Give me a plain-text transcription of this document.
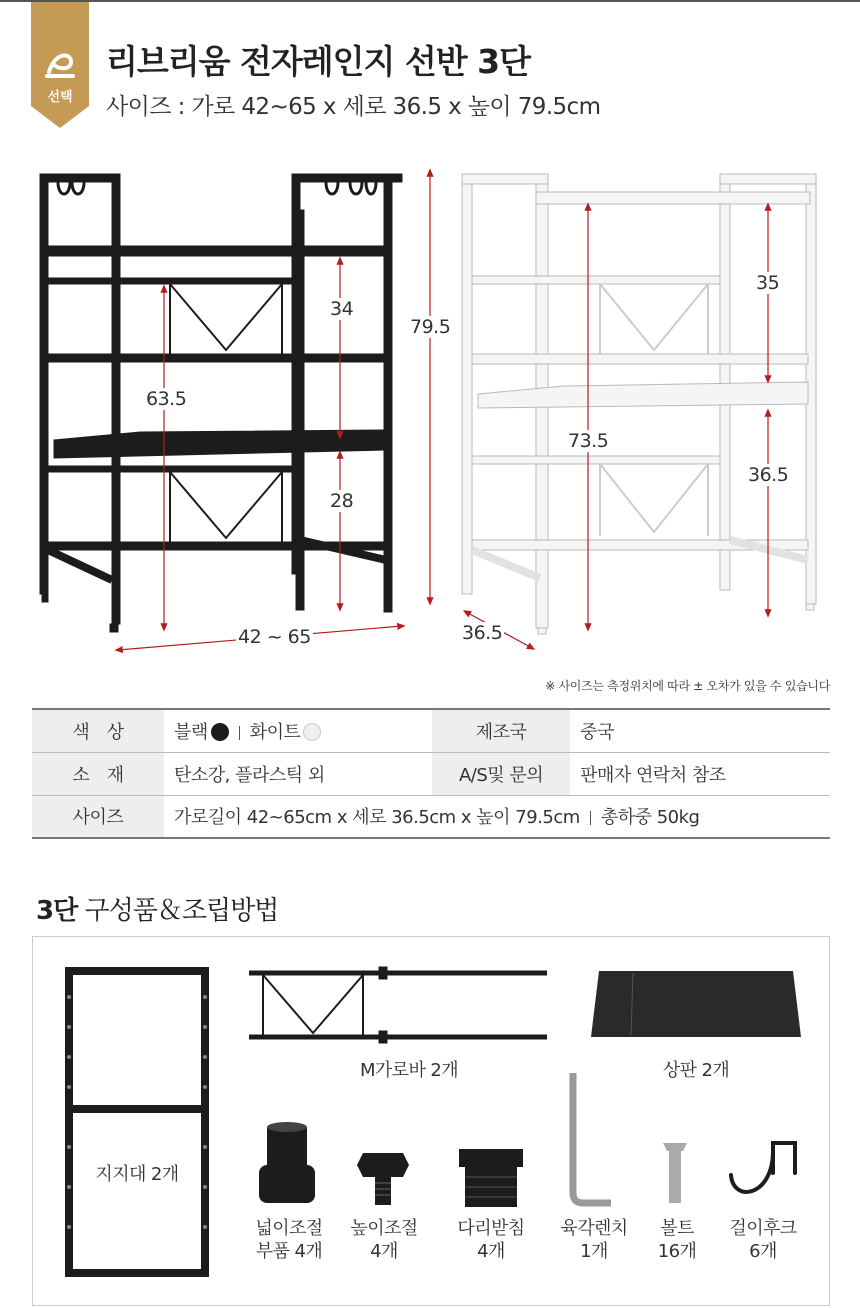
선택
리브리움 전자레인지 선반 3단
사이즈 : 가로 42~65 x 세로 36.5 x 높이 79.5cm
34
63.5
28
79.5
42 ~ 65
35
73.5
36.5
36.5
※ 사이즈는 측정위치에 따라 ± 오차가 있을 수 있습니다
색　상	블랙 화이트	제조국	중국
소　재	탄소강, 플라스틱 외	A/S및 문의	판매자 연락처 참조
사이즈	가로길이 42~65cm x 세로 36.5cm x 높이 79.5cm 총하중 50kg		
3단 구성품＆조립방법
지지대 2개
M가로바 2개	상판 2개
넓이조절
부품 4개
높이조절
4개
다리받침
4개
육각렌치
1개
볼트
16개
걸이후크
6개
